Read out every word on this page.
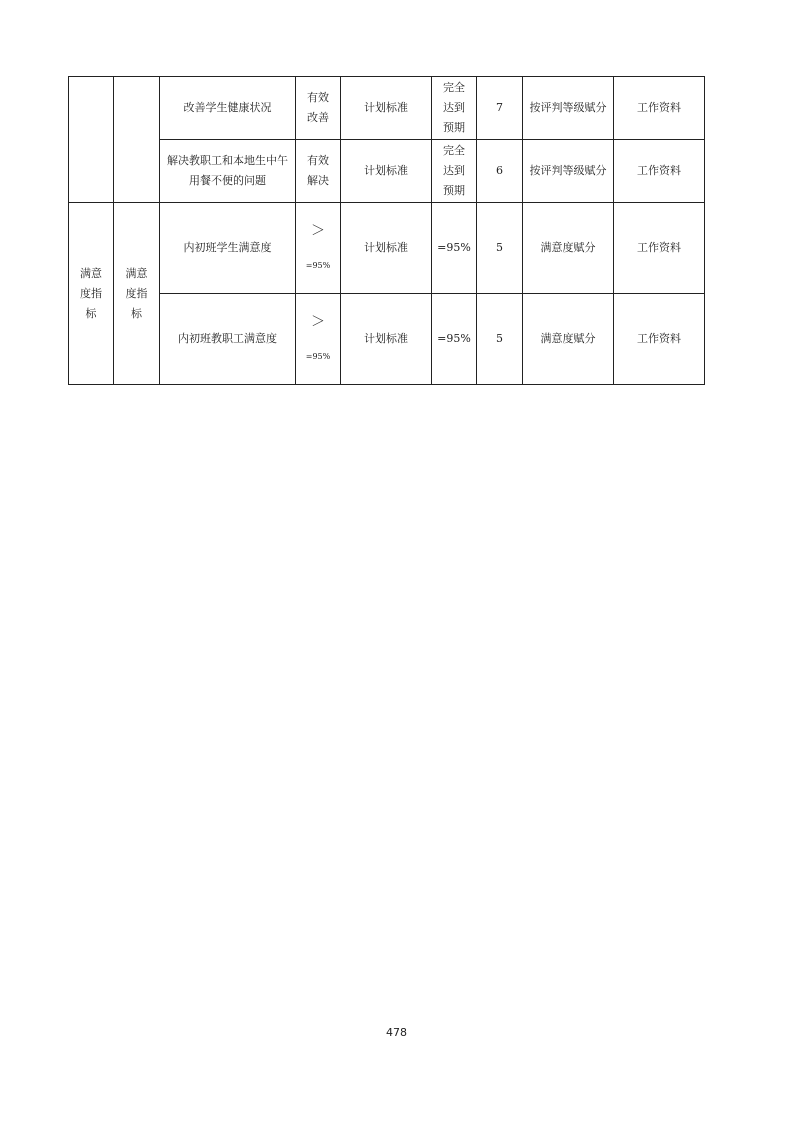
		改善学生健康状况	有效
改善	计划标准	完全
达到
预期	7	按评判等级赋分	工作资料
		解决教职工和本地生中午
用餐不便的问题	有效
解决	计划标准	完全
达到
预期	6	按评判等级赋分	工作资料
满意
度指
标	满意
度指
标	内初班学生满意度	＞

=95%	计划标准	=95%	5	满意度赋分	工作资料
		内初班教职工满意度	＞

=95%	计划标准	=95%	5	满意度赋分	工作资料
478
